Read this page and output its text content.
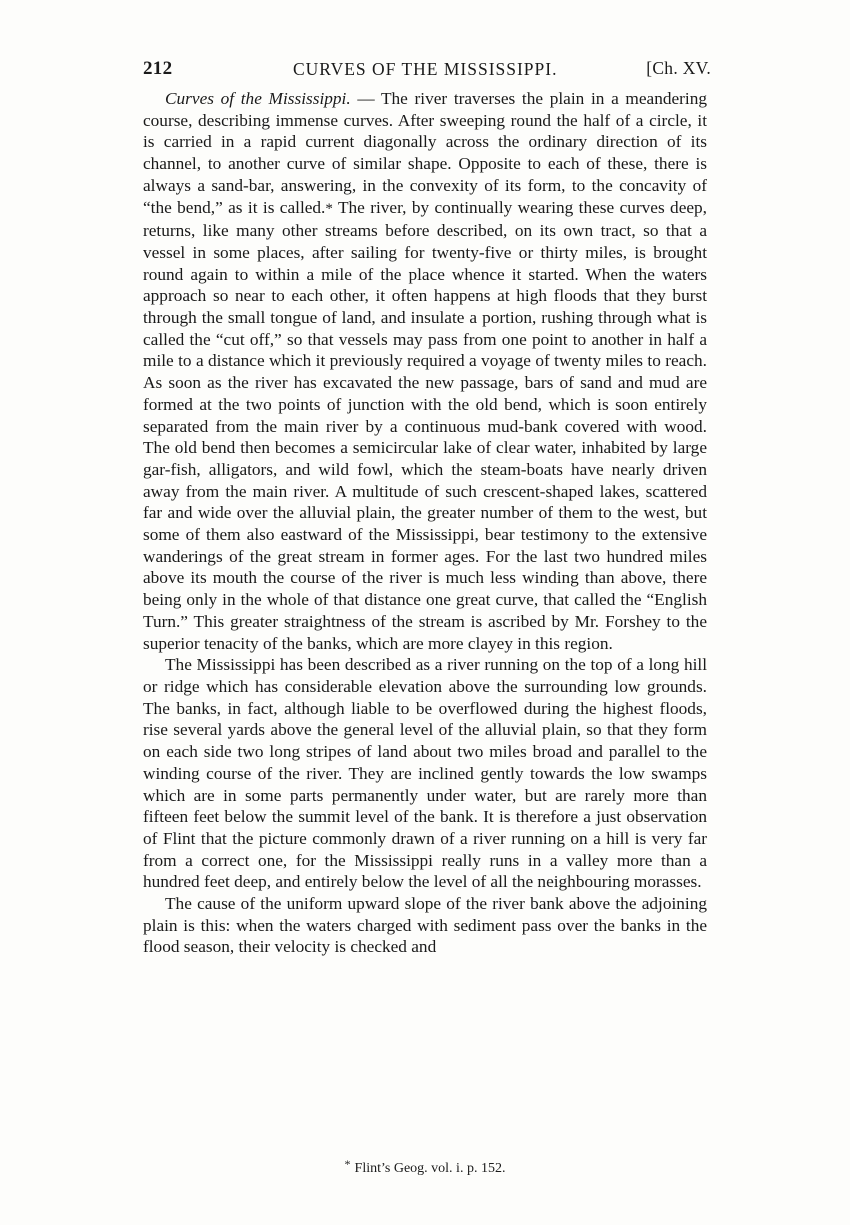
212	CURVES OF THE MISSISSIPPI.	[Ch. XV.

Curves of the Mississippi. — The river traverses the plain in a meandering course, describing immense curves. After sweeping round the half of a circle, it is carried in a rapid current diagonally across the ordinary direction of its channel, to another curve of similar shape. Opposite to each of these, there is always a sand-bar, answering, in the convexity of its form, to the concavity of “the bend,” as it is called.* The river, by continually wearing these curves deep, returns, like many other streams before described, on its own tract, so that a vessel in some places, after sailing for twenty-five or thirty miles, is brought round again to within a mile of the place whence it started. When the waters approach so near to each other, it often happens at high floods that they burst through the small tongue of land, and insulate a portion, rushing through what is called the “cut off,” so that vessels may pass from one point to another in half a mile to a distance which it previously required a voyage of twenty miles to reach. As soon as the river has excavated the new passage, bars of sand and mud are formed at the two points of junction with the old bend, which is soon entirely separated from the main river by a continuous mud-bank covered with wood. The old bend then becomes a semicircular lake of clear water, inhabited by large gar-fish, alligators, and wild fowl, which the steam-boats have nearly driven away from the main river. A multitude of such crescent-shaped lakes, scattered far and wide over the alluvial plain, the greater number of them to the west, but some of them also eastward of the Mississippi, bear testimony to the extensive wanderings of the great stream in former ages. For the last two hundred miles above its mouth the course of the river is much less winding than above, there being only in the whole of that distance one great curve, that called the “English Turn.” This greater straightness of the stream is ascribed by Mr. Forshey to the superior tenacity of the banks, which are more clayey in this region.

The Mississippi has been described as a river running on the top of a long hill or ridge which has considerable elevation above the surrounding low grounds. The banks, in fact, although liable to be overflowed during the highest floods, rise several yards above the general level of the alluvial plain, so that they form on each side two long stripes of land about two miles broad and parallel to the winding course of the river. They are inclined gently towards the low swamps which are in some parts permanently under water, but are rarely more than fifteen feet below the summit level of the bank. It is therefore a just observation of Flint that the picture commonly drawn of a river running on a hill is very far from a correct one, for the Mississippi really runs in a valley more than a hundred feet deep, and entirely below the level of all the neighbouring morasses.

The cause of the uniform upward slope of the river bank above the adjoining plain is this: when the waters charged with sediment pass over the banks in the flood season, their velocity is checked and

* Flint’s Geog. vol. i. p. 152.
